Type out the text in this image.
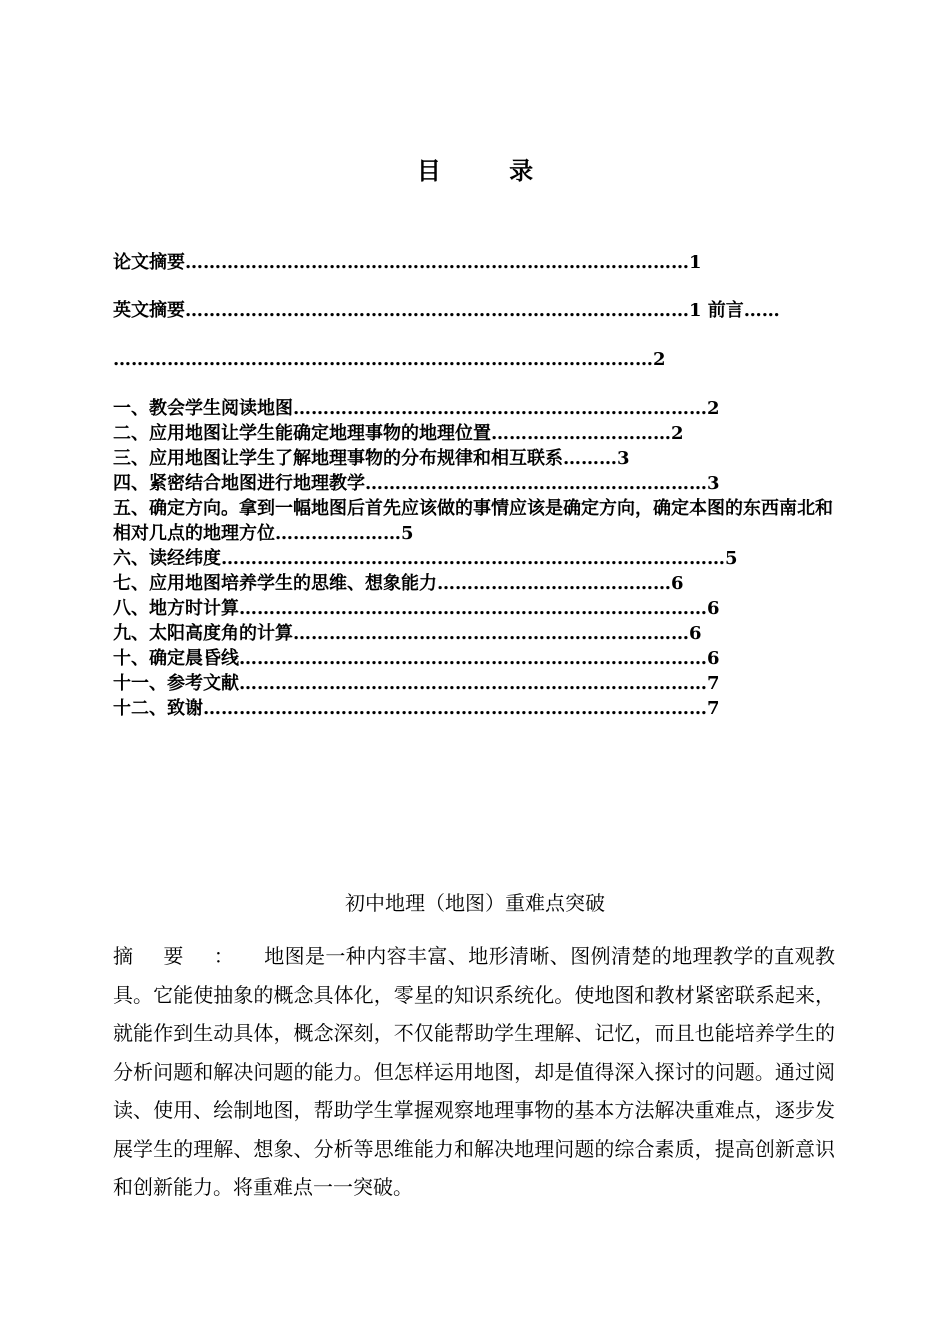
目 录
论文摘要…………………………………………………………………………1
英文摘要…………………………………………………………………………1 前言……
………………………………………………………………………………2
一、教会学生阅读地图……………………………………………………………2
二、应用地图让学生能确定地理事物的地理位置…………………………2
三、应用地图让学生了解地理事物的分布规律和相互联系………3
四、紧密结合地图进行地理教学…………………………………………………3
五、确定方向。拿到一幅地图后首先应该做的事情应该是确定方向，确定本图的东西南北和相对几点的地理方位…………………5
六、读经纬度…………………………………………………………………………5
七、应用地图培养学生的思维、想象能力…………………………………6
八、地方时计算……………………………………………………………………6
九、太阳高度角的计算…………………………………………………………6
十、确定晨昏线……………………………………………………………………6
十一、参考文献……………………………………………………………………7
十二、致谢…………………………………………………………………………7
初中地理（地图）重难点突破
摘要：地图是一种内容丰富、地形清晰、图例清楚的地理教学的直观教具。它能使抽象的概念具体化，零星的知识系统化。使地图和教材紧密联系起来，就能作到生动具体，概念深刻，不仅能帮助学生理解、记忆，而且也能培养学生的分析问题和解决问题的能力。但怎样运用地图，却是值得深入探讨的问题。通过阅读、使用、绘制地图，帮助学生掌握观察地理事物的基本方法解决重难点，逐步发展学生的理解、想象、分析等思维能力和解决地理问题的综合素质，提高创新意识和创新能力。将重难点一一突破。
